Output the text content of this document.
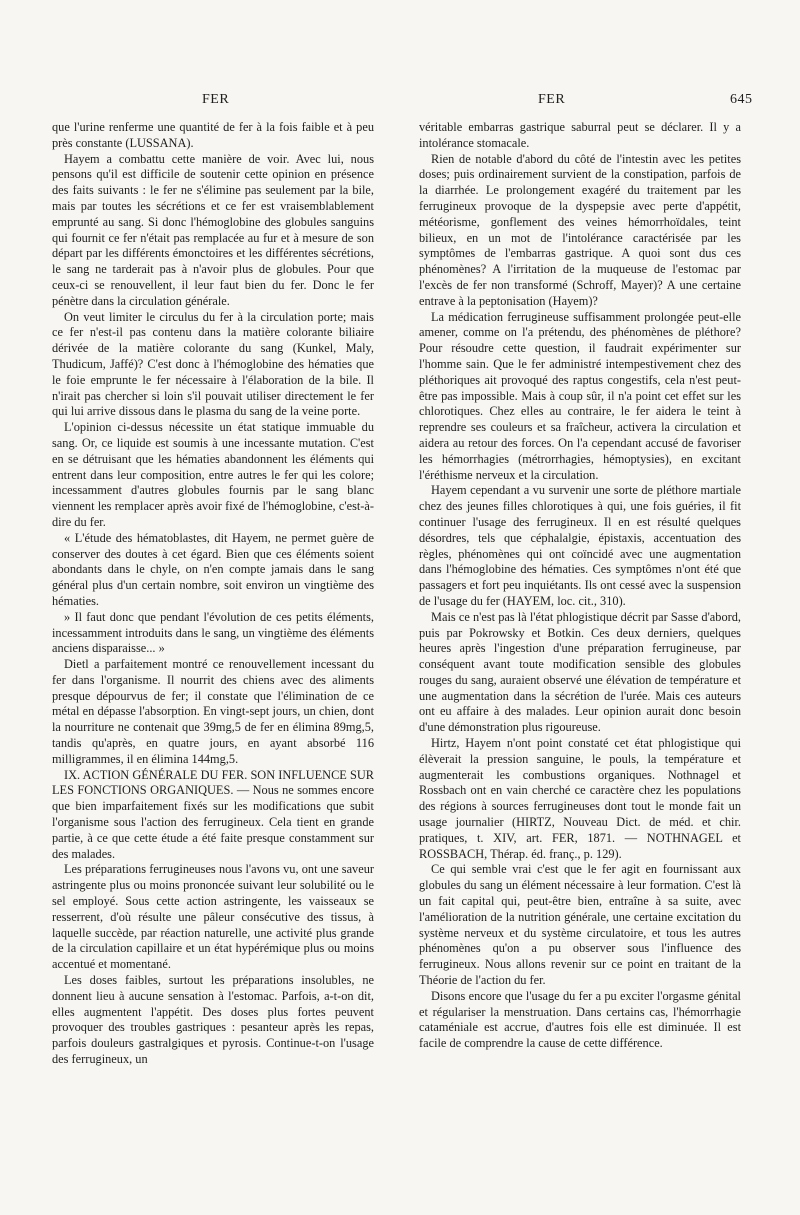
FER	FER	645

que l'urine renferme une quantité de fer à la fois faible et à peu près constante (LUSSANA).

Hayem a combattu cette manière de voir. Avec lui, nous pensons qu'il est difficile de soutenir cette opinion en présence des faits suivants : le fer ne s'élimine pas seulement par la bile, mais par toutes les sécrétions et ce fer est vraisemblablement emprunté au sang. Si donc l'hémoglobine des globules sanguins qui fournit ce fer n'était pas remplacée au fur et à mesure de son départ par les différents émonctoires et les différentes sécrétions, le sang ne tarderait pas à n'avoir plus de globules. Pour que ceux-ci se renouvellent, il leur faut bien du fer. Donc le fer pénètre dans la circulation générale.

On veut limiter le circulus du fer à la circulation porte; mais ce fer n'est-il pas contenu dans la matière colorante biliaire dérivée de la matière colorante du sang (Kunkel, Maly, Thudicum, Jaffé)? C'est donc à l'hémoglobine des hématies que le foie emprunte le fer nécessaire à l'élaboration de la bile. Il n'irait pas chercher si loin s'il pouvait utiliser directement le fer qui lui arrive dissous dans le plasma du sang de la veine porte.

L'opinion ci-dessus nécessite un état statique immuable du sang. Or, ce liquide est soumis à une incessante mutation. C'est en se détruisant que les hématies abandonnent les éléments qui entrent dans leur composition, entre autres le fer qui les colore; incessamment d'autres globules fournis par le sang blanc viennent les remplacer après avoir fixé de l'hémoglobine, c'est-à-dire du fer.

« L'étude des hématoblastes, dit Hayem, ne permet guère de conserver des doutes à cet égard. Bien que ces éléments soient abondants dans le chyle, on n'en compte jamais dans le sang général plus d'un certain nombre, soit environ un vingtième des hématies.

» Il faut donc que pendant l'évolution de ces petits éléments, incessamment introduits dans le sang, un vingtième des éléments anciens disparaisse... »

Dietl a parfaitement montré ce renouvellement incessant du fer dans l'organisme. Il nourrit des chiens avec des aliments presque dépourvus de fer; il constate que l'élimination de ce métal en dépasse l'absorption. En vingt-sept jours, un chien, dont la nourriture ne contenait que 39mg,5 de fer en élimina 89mg,5, tandis qu'après, en quatre jours, en ayant absorbé 116 milligrammes, il en élimina 144mg,5.

IX. ACTION GÉNÉRALE DU FER. SON INFLUENCE SUR LES FONCTIONS ORGANIQUES. — Nous ne sommes encore que bien imparfaitement fixés sur les modifications que subit l'organisme sous l'action des ferrugineux. Cela tient en grande partie, à ce que cette étude a été faite presque constamment sur des malades.

Les préparations ferrugineuses nous l'avons vu, ont une saveur astringente plus ou moins prononcée suivant leur solubilité ou le sel employé. Sous cette action astringente, les vaisseaux se resserrent, d'où résulte une pâleur consécutive des tissus, à laquelle succède, par réaction naturelle, une activité plus grande de la circulation capillaire et un état hypérémique plus ou moins accentué et momentané.

Les doses faibles, surtout les préparations insolubles, ne donnent lieu à aucune sensation à l'estomac. Parfois, a-t-on dit, elles augmentent l'appétit. Des doses plus fortes peuvent provoquer des troubles gastriques : pesanteur après les repas, parfois douleurs gastralgiques et pyrosis. Continue-t-on l'usage des ferrugineux, un

véritable embarras gastrique saburral peut se déclarer. Il y a intolérance stomacale.

Rien de notable d'abord du côté de l'intestin avec les petites doses; puis ordinairement survient de la constipation, parfois de la diarrhée. Le prolongement exagéré du traitement par les ferrugineux provoque de la dyspepsie avec perte d'appétit, météorisme, gonflement des veines hémorrhoïdales, teint bilieux, en un mot de l'intolérance caractérisée par les symptômes de l'embarras gastrique. A quoi sont dus ces phénomènes? A l'irritation de la muqueuse de l'estomac par l'excès de fer non transformé (Schroff, Mayer)? A une certaine entrave à la peptonisation (Hayem)?

La médication ferrugineuse suffisamment prolongée peut-elle amener, comme on l'a prétendu, des phénomènes de pléthore? Pour résoudre cette question, il faudrait expérimenter sur l'homme sain. Que le fer administré intempestivement chez des pléthoriques ait provoqué des raptus congestifs, cela n'est peut-être pas impossible. Mais à coup sûr, il n'a point cet effet sur les chlorotiques. Chez elles au contraire, le fer aidera le teint à reprendre ses couleurs et sa fraîcheur, activera la circulation et aidera au retour des forces. On l'a cependant accusé de favoriser les hémorrhagies (métrorrhagies, hémoptysies), en excitant l'éréthisme nerveux et la circulation.

Hayem cependant a vu survenir une sorte de pléthore martiale chez des jeunes filles chlorotiques à qui, une fois guéries, il fit continuer l'usage des ferrugineux. Il en est résulté quelques désordres, tels que céphalalgie, épistaxis, accentuation des règles, phénomènes qui ont coïncidé avec une augmentation dans l'hémoglobine des hématies. Ces symptômes n'ont été que passagers et fort peu inquiétants. Ils ont cessé avec la suspension de l'usage du fer (HAYEM, loc. cit., 310).

Mais ce n'est pas là l'état phlogistique décrit par Sasse d'abord, puis par Pokrowsky et Botkin. Ces deux derniers, quelques heures après l'ingestion d'une préparation ferrugineuse, par conséquent avant toute modification sensible des globules rouges du sang, auraient observé une élévation de température et une augmentation dans la sécrétion de l'urée. Mais ces auteurs ont eu affaire à des malades. Leur opinion aurait donc besoin d'une démonstration plus rigoureuse.

Hirtz, Hayem n'ont point constaté cet état phlogistique qui élèverait la pression sanguine, le pouls, la température et augmenterait les combustions organiques. Nothnagel et Rossbach ont en vain cherché ce caractère chez les populations des régions à sources ferrugineuses dont tout le monde fait un usage journalier (HIRTZ, Nouveau Dict. de méd. et chir. pratiques, t. XIV, art. FER, 1871. — NOTHNAGEL et ROSSBACH, Thérap. éd. franç., p. 129).

Ce qui semble vrai c'est que le fer agit en fournissant aux globules du sang un élément nécessaire à leur formation. C'est là un fait capital qui, peut-être bien, entraîne à sa suite, avec l'amélioration de la nutrition générale, une certaine excitation du système nerveux et du système circulatoire, et tous les autres phénomènes qu'on a pu observer sous l'influence des ferrugineux. Nous allons revenir sur ce point en traitant de la Théorie de l'action du fer.

Disons encore que l'usage du fer a pu exciter l'orgasme génital et régulariser la menstruation. Dans certains cas, l'hémorrhagie cataméniale est accrue, d'autres fois elle est diminuée. Il est facile de comprendre la cause de cette différence.
